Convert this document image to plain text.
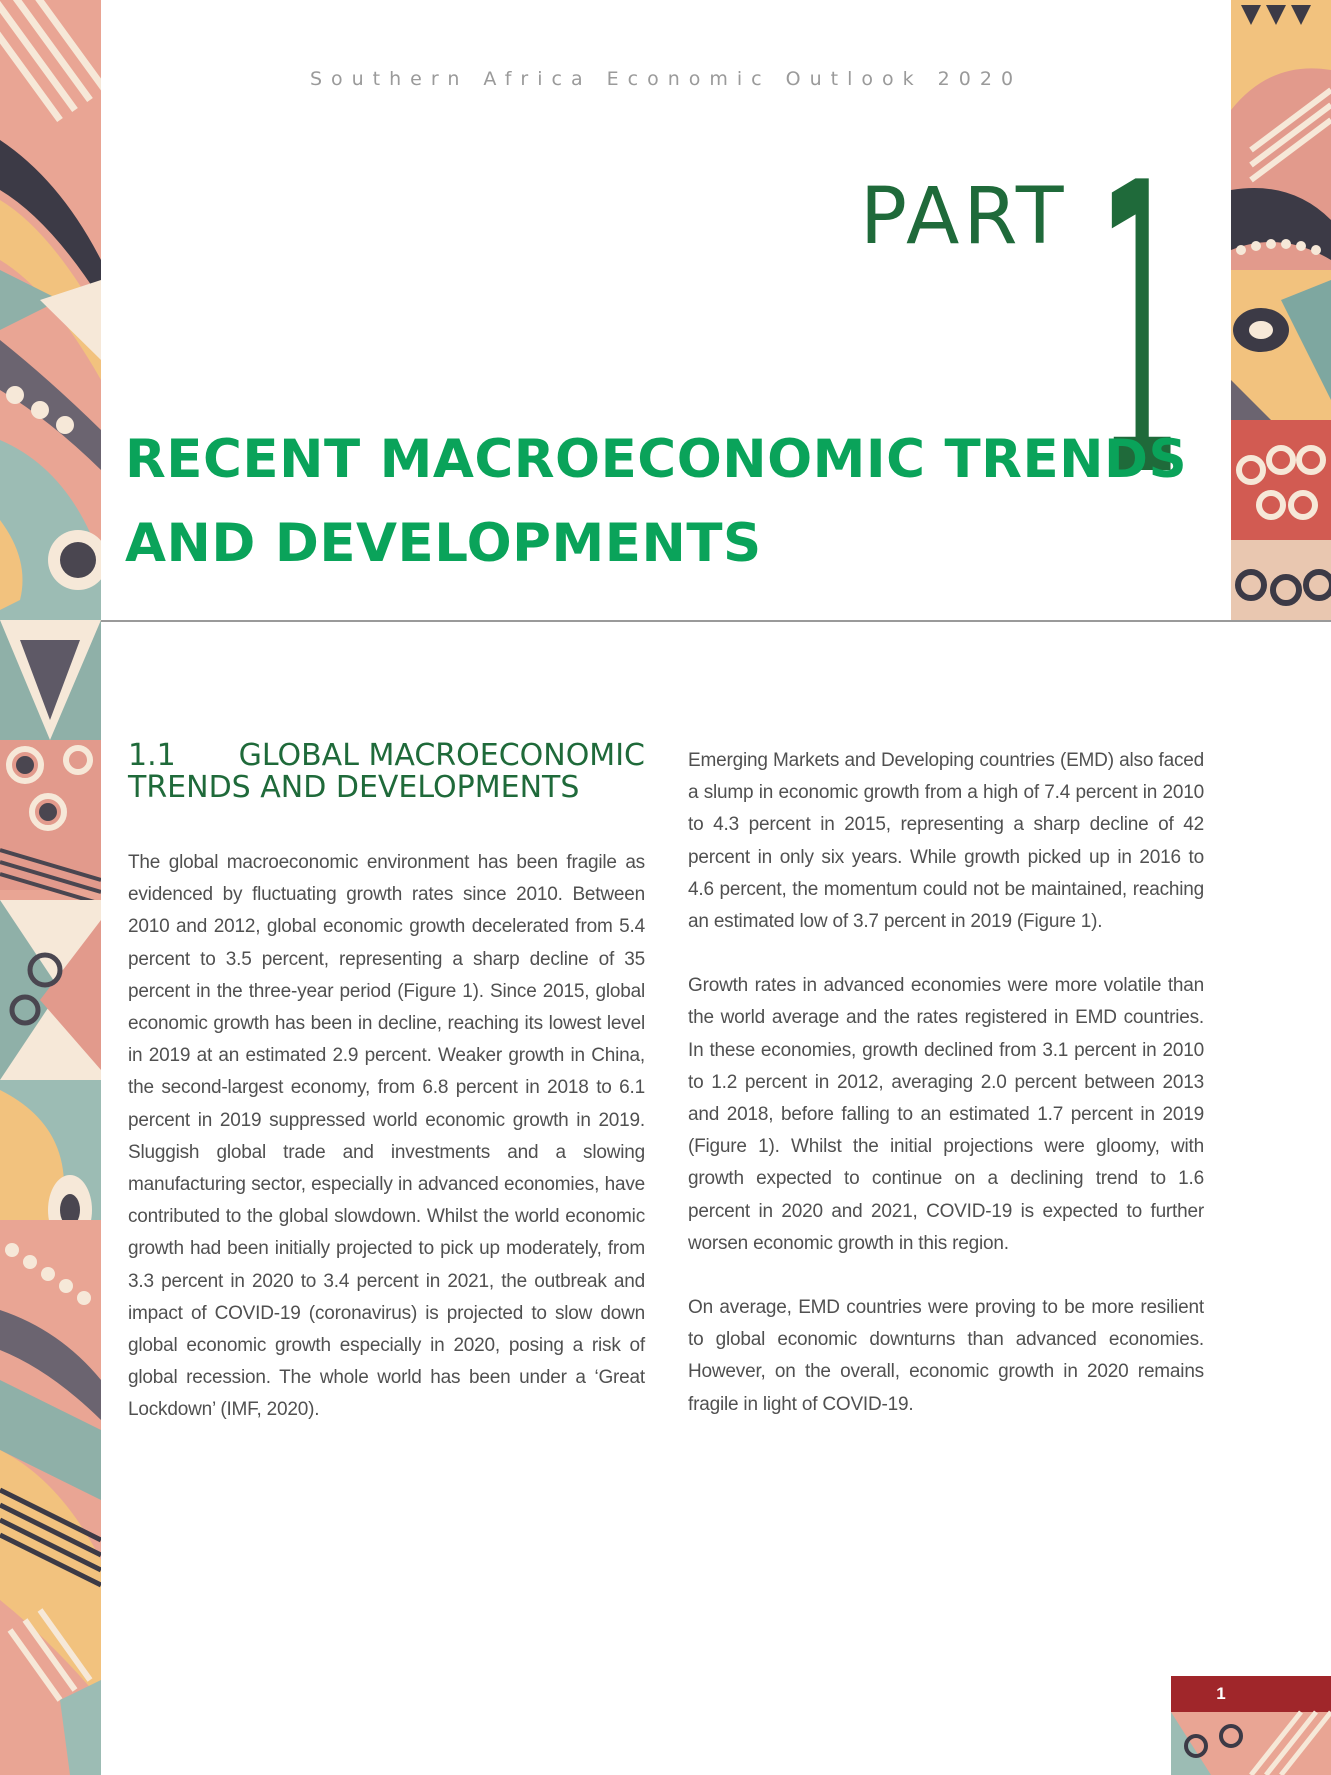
1
Southern Africa Economic Outlook 2020
PART 1
RECENT MACROECONOMIC TRENDS
AND DEVELOPMENTS
1.1 GLOBAL MACROECONOMIC
TRENDS AND DEVELOPMENTS

The global macroeconomic environment has been fragile as evidenced by fluctuating growth rates since 2010. Between 2010 and 2012, global economic growth decelerated from 5.4 percent to 3.5 percent, representing a sharp decline of 35 percent in the three-year period (Figure 1). Since 2015, global economic growth has been in decline, reaching its lowest level in 2019 at an estimated 2.9 percent. Weaker growth in China, the second-largest economy, from 6.8 percent in 2018 to 6.1 percent in 2019 suppressed world economic growth in 2019. Sluggish global trade and investments and a slowing manufacturing sector, especially in advanced economies, have contributed to the global slowdown. Whilst the world economic growth had been initially projected to pick up moderately, from 3.3 percent in 2020 to 3.4 percent in 2021, the outbreak and impact of COVID-19 (coronavirus) is projected to slow down global economic growth especially in 2020, posing a risk of global recession. The whole world has been under a ‘Great Lockdown’ (IMF, 2020).

Emerging Markets and Developing countries (EMD) also faced a slump in economic growth from a high of 7.4 percent in 2010 to 4.3 percent in 2015, representing a sharp decline of 42 percent in only six years. While growth picked up in 2016 to 4.6 percent, the momentum could not be maintained, reaching an estimated low of 3.7 percent in 2019 (Figure 1).

Growth rates in advanced economies were more volatile than the world average and the rates registered in EMD countries. In these economies, growth declined from 3.1 percent in 2010 to 1.2 percent in 2012, averaging 2.0 percent between 2013 and 2018, before falling to an estimated 1.7 percent in 2019 (Figure 1). Whilst the initial projections were gloomy, with growth expected to continue on a declining trend to 1.6 percent in 2020 and 2021, COVID-19 is expected to further worsen economic growth in this region.

On average, EMD countries were proving to be more resilient to global economic downturns than advanced economies. However, on the overall, economic growth in 2020 remains fragile in light of COVID-19.
